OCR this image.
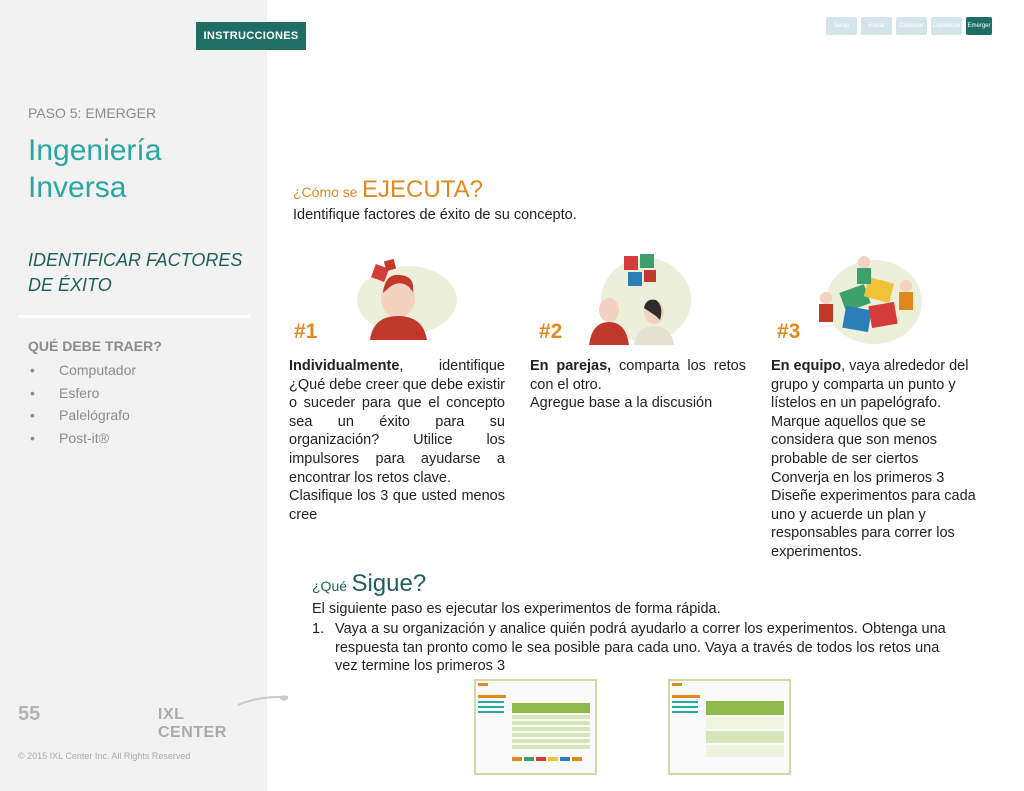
INSTRUCCIONES
PASO 5: EMERGER
Ingeniería
Inversa
IDENTIFICAR FACTORES
DE ÉXITO
QUÉ DEBE TRAER?
• Computador
• Esfero
• Palelógrafo
• Post-it®
55	IXL CENTER
© 2015 IXL Center Inc. All Rights Reserved
Setup	Entrar	Conectar	Comenzar Emerger
¿Cómo se EJECUTA?
Identifique factores de éxito de su concepto.
#1	#2	#3

Individualmente, identifique ¿Qué debe creer que debe existir o suceder para que el concepto sea un éxito para su organización? Utilice los impulsores para ayudarse a encontrar los retos clave.

Clasifique los 3 que usted menos cree

En parejas, comparta los retos con el otro.

Agregue base a la discusión

En equipo, vaya alrededor del grupo y comparta un punto y lístelos en un papelógrafo.

Marque aquellos que se considera que son menos probable de ser ciertos

Converja en los primeros 3

Diseñe experimentos para cada uno y acuerde un plan y responsables para correr los experimentos.

¿Qué Sigue?
El siguiente paso es ejecutar los experimentos de forma rápida.
1. Vaya a su organización y analice quién podrá ayudarlo a correr los experimentos. Obtenga una respuesta tan pronto como le sea posible para cada uno. Vaya a través de todos los retos una vez termine los primeros 3
